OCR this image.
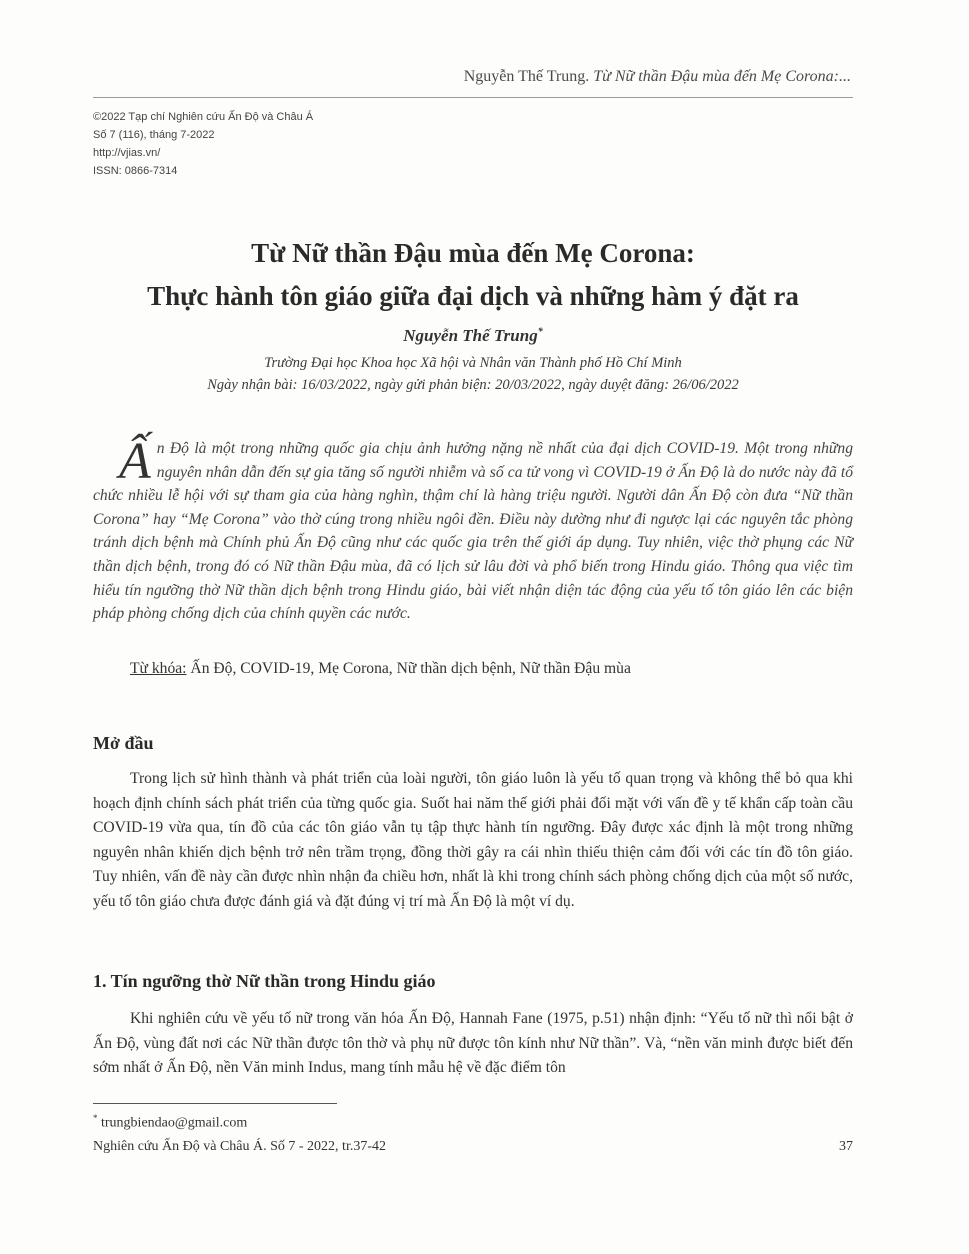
Nguyễn Thế Trung. Từ Nữ thần Đậu mùa đến Mẹ Corona:...
©2022 Tạp chí Nghiên cứu Ấn Độ và Châu Á
Số 7 (116), tháng 7-2022
http://vjias.vn/
ISSN: 0866-7314
Từ Nữ thần Đậu mùa đến Mẹ Corona:
Thực hành tôn giáo giữa đại dịch và những hàm ý đặt ra
Nguyễn Thế Trung*
Trường Đại học Khoa học Xã hội và Nhân văn Thành phố Hồ Chí Minh
Ngày nhận bài: 16/03/2022, ngày gửi phản biện: 20/03/2022, ngày duyệt đăng: 26/06/2022

Ấn Độ là một trong những quốc gia chịu ảnh hưởng nặng nề nhất của đại dịch COVID-19. Một trong những nguyên nhân dẫn đến sự gia tăng số người nhiễm và số ca tử vong vì COVID-19 ở Ấn Độ là do nước này đã tổ chức nhiều lễ hội với sự tham gia của hàng nghìn, thậm chí là hàng triệu người. Người dân Ấn Độ còn đưa “Nữ thần Corona” hay “Mẹ Corona” vào thờ cúng trong nhiều ngôi đền. Điều này dường như đi ngược lại các nguyên tắc phòng tránh dịch bệnh mà Chính phủ Ấn Độ cũng như các quốc gia trên thế giới áp dụng. Tuy nhiên, việc thờ phụng các Nữ thần dịch bệnh, trong đó có Nữ thần Đậu mùa, đã có lịch sử lâu đời và phổ biến trong Hindu giáo. Thông qua việc tìm hiểu tín ngưỡng thờ Nữ thần dịch bệnh trong Hindu giáo, bài viết nhận diện tác động của yếu tố tôn giáo lên các biện pháp phòng chống dịch của chính quyền các nước.

Từ khóa: Ấn Độ, COVID-19, Mẹ Corona, Nữ thần dịch bệnh, Nữ thần Đậu mùa
Mở đầu

Trong lịch sử hình thành và phát triển của loài người, tôn giáo luôn là yếu tố quan trọng và không thể bỏ qua khi hoạch định chính sách phát triển của từng quốc gia. Suốt hai năm thế giới phải đối mặt với vấn đề y tế khẩn cấp toàn cầu COVID-19 vừa qua, tín đồ của các tôn giáo vẫn tụ tập thực hành tín ngưỡng. Đây được xác định là một trong những nguyên nhân khiến dịch bệnh trở nên trầm trọng, đồng thời gây ra cái nhìn thiếu thiện cảm đối với các tín đồ tôn giáo. Tuy nhiên, vấn đề này cần được nhìn nhận đa chiều hơn, nhất là khi trong chính sách phòng chống dịch của một số nước, yếu tố tôn giáo chưa được đánh giá và đặt đúng vị trí mà Ấn Độ là một ví dụ.

1. Tín ngưỡng thờ Nữ thần trong Hindu giáo

Khi nghiên cứu về yếu tố nữ trong văn hóa Ấn Độ, Hannah Fane (1975, p.51) nhận định: “Yếu tố nữ thì nổi bật ở Ấn Độ, vùng đất nơi các Nữ thần được tôn thờ và phụ nữ được tôn kính như Nữ thần”. Và, “nền văn minh được biết đến sớm nhất ở Ấn Độ, nền Văn minh Indus, mang tính mẫu hệ về đặc điểm tôn

* trungbiendao@gmail.com
Nghiên cứu Ấn Độ và Châu Á. Số 7 - 2022, tr.37-42	37
